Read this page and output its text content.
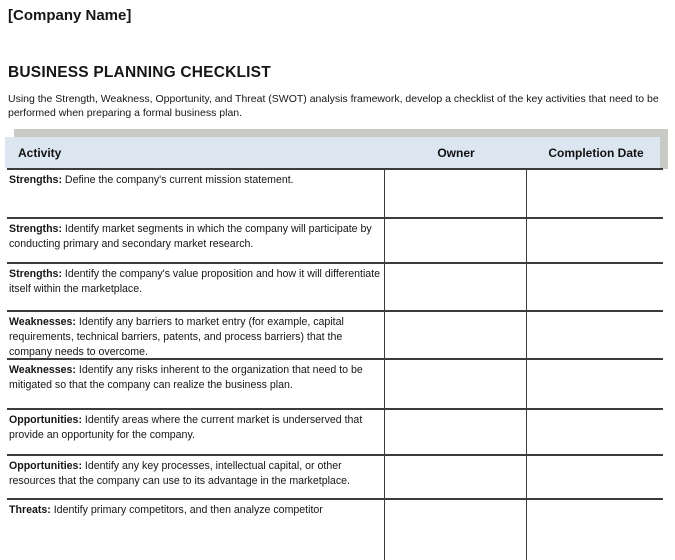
[Company Name]
BUSINESS PLANNING CHECKLIST
Using the Strength, Weakness, Opportunity, and Threat (SWOT) analysis framework, develop a checklist of the key activities that need to be performed when preparing a formal business plan.
Activity	Owner	Completion Date
Strengths: Define the company's current mission statement.
Strengths: Identify market segments in which the company will participate by conducting primary and secondary market research.
Strengths: Identify the company's value proposition and how it will differentiate itself within the marketplace.
Weaknesses: Identify any barriers to market entry (for example, capital requirements, technical barriers, patents, and process barriers) that the company needs to overcome.
Weaknesses: Identify any risks inherent to the organization that need to be mitigated so that the company can realize the business plan.
Opportunities: Identify areas where the current market is underserved that provide an opportunity for the company.
Opportunities: Identify any key processes, intellectual capital, or other resources that the company can use to its advantage in the marketplace.
Threats: Identify primary competitors, and then analyze competitor
